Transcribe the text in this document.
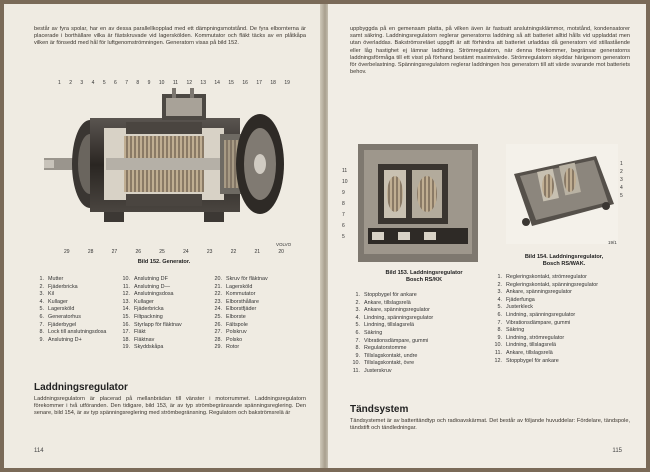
består av fyra spolar, har en av dessa parallellkopplad med ett dämpningsmotstånd. De fyra elbornterna är placerade i borthällare vilka är fästskruvade vid lagerskölden. Kommutator och fläkt täcks av en plåtkåpa vilken är fönsedd med hål för luftgenomströmningen. Generatorn visas på bild 152.
1 2 3 4 5 6 7 8 9 10 11 12 13 14 15 16 17 18 19
29	28	27	26	25	24	23	22	21	20
VOLVO
Bild 152. Generator.
1. Mutter
2. Fjäderbricka
3. Kil
4. Kullager
5. Lagersköld
6. Generatorhus
7. Fjäderbygel
8. Lock till anslutningsdosa
9. Anslutning D+
10. Anslutning DF
11. Anslutning D—
12. Anslutningsdosa
13. Kullager
14. Fjäderbricka
15. Filtpackning
16. Styrlapp för fläktnav
17. Fläkt
18. Fläktnav
19. Skyddskåpa
20. Skruv för fläktnav
21. Lagersköld
22. Kommutator
23. Elborsthållare
24. Elborstfjäder
25. Elborste
26. Fältspole
27. Polskruv
28. Polsko
29. Rotor
Laddningsregulator
Laddningsregulatorn är placerad på mellanbrädan till vänster i motorrummet. Laddningsregulatorn förekommer i två utföranden. Den tidigare, bild 153, är av typ strömbegränsande spänningsreglering. Den senare, bild 154, är av typ spänningsreglering med strömbegränsning. Regulatorn och bakströmsrelä är
114
uppbyggda på en gemensam platta, på vilken även är fastsatt anslutningsklämmor, motstånd, kondensatorer samt säkring. Laddningsregulatorn reglerar generatorns laddning så att batteriet alltid hålls vid uppladdat men utan överladdas. Bakströmsreläet uppgift är att förhindra att batteriet urladdas då generatorn vid stillastående eller låg hastighet ej lämnar laddning. Strömregulatorn, när denna förekommer, begränsar generatorns laddningsförmåga till ett visst på förhand bestämt maximivärde. Strömregulatorn skyddar härigenom generatorn för överbelastning. Spänningsregulatorn reglerar laddningen hos generatorn till att värde svarande mot batteriets behov.
11
10
9
8
7
6
5
1
2
3
4
5
19/1
Bild 153. Laddningsregulator
Bosch RS/KK
Bild 154. Laddningsregulator,
Bosch RS/WAK.
1. Stoppbygel för ankare
2. Ankare, tillslagsrelä
3. Ankare, spänningsregulator
4. Lindning, spänningsregulator
5. Lindning, tillslagsrelä
6. Säkring
7. Vibrationsdämpare, gummi
8. Regulatorstomme
9. Tillslagskontakt, undre
10. Tillslagskontakt, övre
11. Justerskruv
1. Regleringskontakt, strömregulator
2. Regleringskontakt, spänningsregulator
3. Ankare, spänningsregulator
4. Fjäderfunga
5. Justerkleck
6. Lindning, spänningsregulator
7. Vibrationsdämpare, gummi
8. Säkring
9. Lindning, strömregulator
10. Lindning, tillslagsrelä
11. Ankare, tillslagsrelä
12. Stoppbygel för ankare
Tändsystem
Tändsystemet är av batteritändtyp och radioavskärmat. Det består av följande huvuddelar: Fördelare, tändspole, tändstift och tändledningar.
115
